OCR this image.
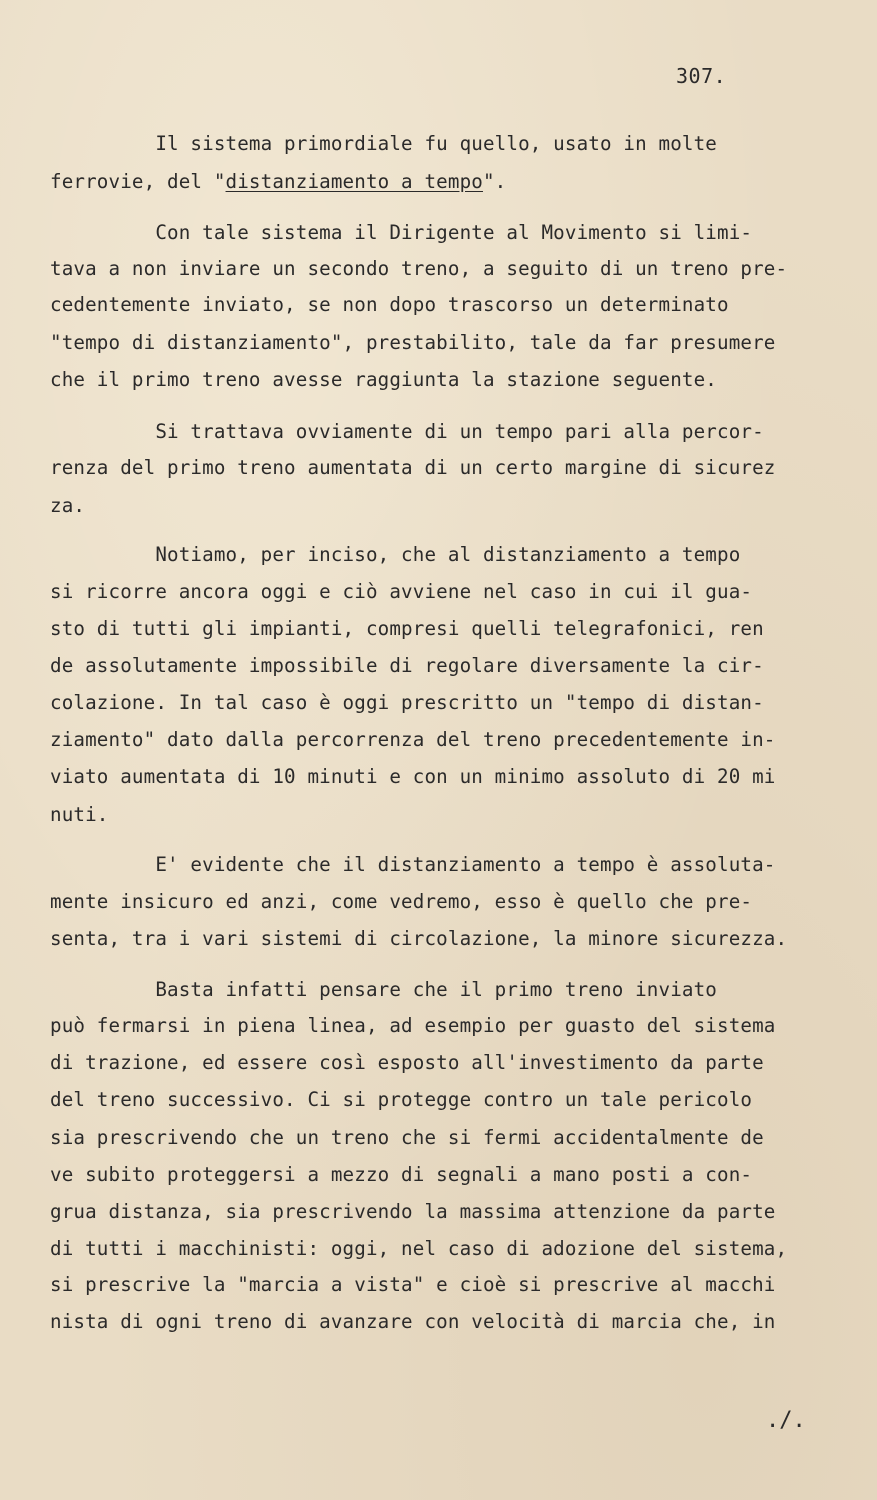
307.
Il sistema primordiale fu quello, usato in molte
ferrovie, del "distanziamento a tempo".
Con tale sistema il Dirigente al Movimento si limi-
tava a non inviare un secondo treno, a seguito di un treno pre-
cedentemente inviato, se non dopo trascorso un determinato
"tempo di distanziamento", prestabilito, tale da far presumere
che il primo treno avesse raggiunta la stazione seguente.
Si trattava ovviamente di un tempo pari alla percor-
renza del primo treno aumentata di un certo margine di sicurez
za.
Notiamo, per inciso, che al distanziamento a tempo
si ricorre ancora oggi e ciò avviene nel caso in cui il gua-
sto di tutti gli impianti, compresi quelli telegrafonici, ren
de assolutamente impossibile di regolare diversamente la cir-
colazione. In tal caso è oggi prescritto un "tempo di distan-
ziamento" dato dalla percorrenza del treno precedentemente in-
viato aumentata di 10 minuti e con un minimo assoluto di 20 mi
nuti.
E' evidente che il distanziamento a tempo è assoluta-
mente insicuro ed anzi, come vedremo, esso è quello che pre-
senta, tra i vari sistemi di circolazione, la minore sicurezza.
Basta infatti pensare che il primo treno inviato
può fermarsi in piena linea, ad esempio per guasto del sistema
di trazione, ed essere così esposto all'investimento da parte
del treno successivo. Ci si protegge contro un tale pericolo
sia prescrivendo che un treno che si fermi accidentalmente de
ve subito proteggersi a mezzo di segnali a mano posti a con-
grua distanza, sia prescrivendo la massima attenzione da parte
di tutti i macchinisti: oggi, nel caso di adozione del sistema,
si prescrive la "marcia a vista" e cioè si prescrive al macchi
nista di ogni treno di avanzare con velocità di marcia che, in
./.
